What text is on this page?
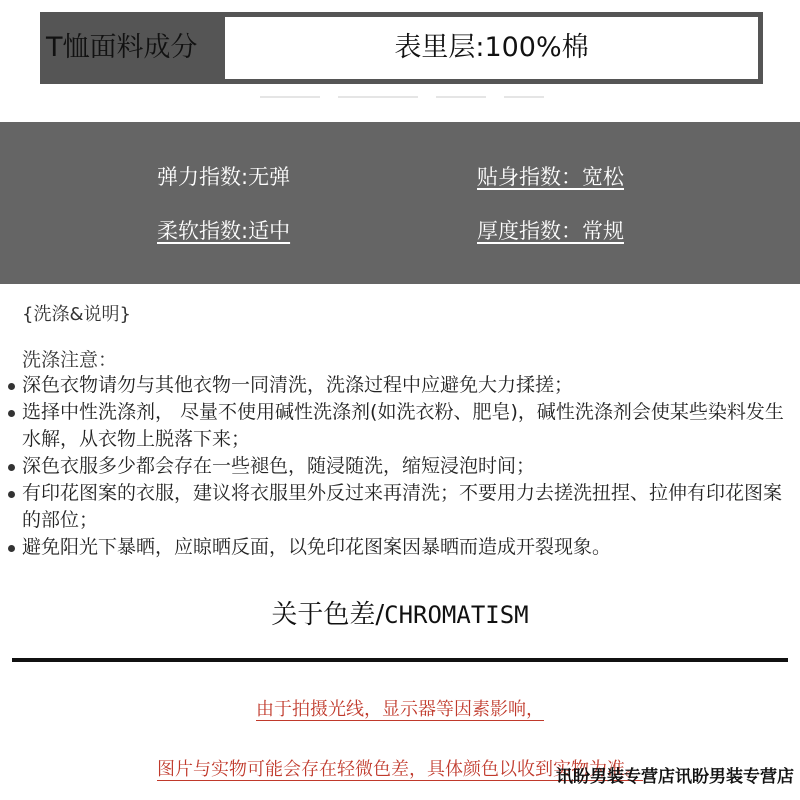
T恤面料成分	表里层:100%棉
弹力指数:无弹	贴身指数：宽松
柔软指数:适中	厚度指数：常规
{洗涤&说明}
洗涤注意：
深色衣物请勿与其他衣物一同清洗，洗涤过程中应避免大力揉搓；
选择中性洗涤剂， 尽量不使用碱性洗涤剂(如洗衣粉、肥皂)，碱性洗涤剂会使某些染料发生水解，从衣物上脱落下来；
深色衣服多少都会存在一些褪色，随浸随洗，缩短浸泡时间；
有印花图案的衣服，建议将衣服里外反过来再清洗；不要用力去搓洗扭捏、拉伸有印花图案的部位；
避免阳光下暴晒，应晾晒反面，以免印花图案因暴晒而造成开裂现象。
关于色差/CHROMATISM
由于拍摄光线，显示器等因素影响，
图片与实物可能会存在轻微色差，具体颜色以收到实物为准。
讯盼男装专营店讯盼男装专营店
